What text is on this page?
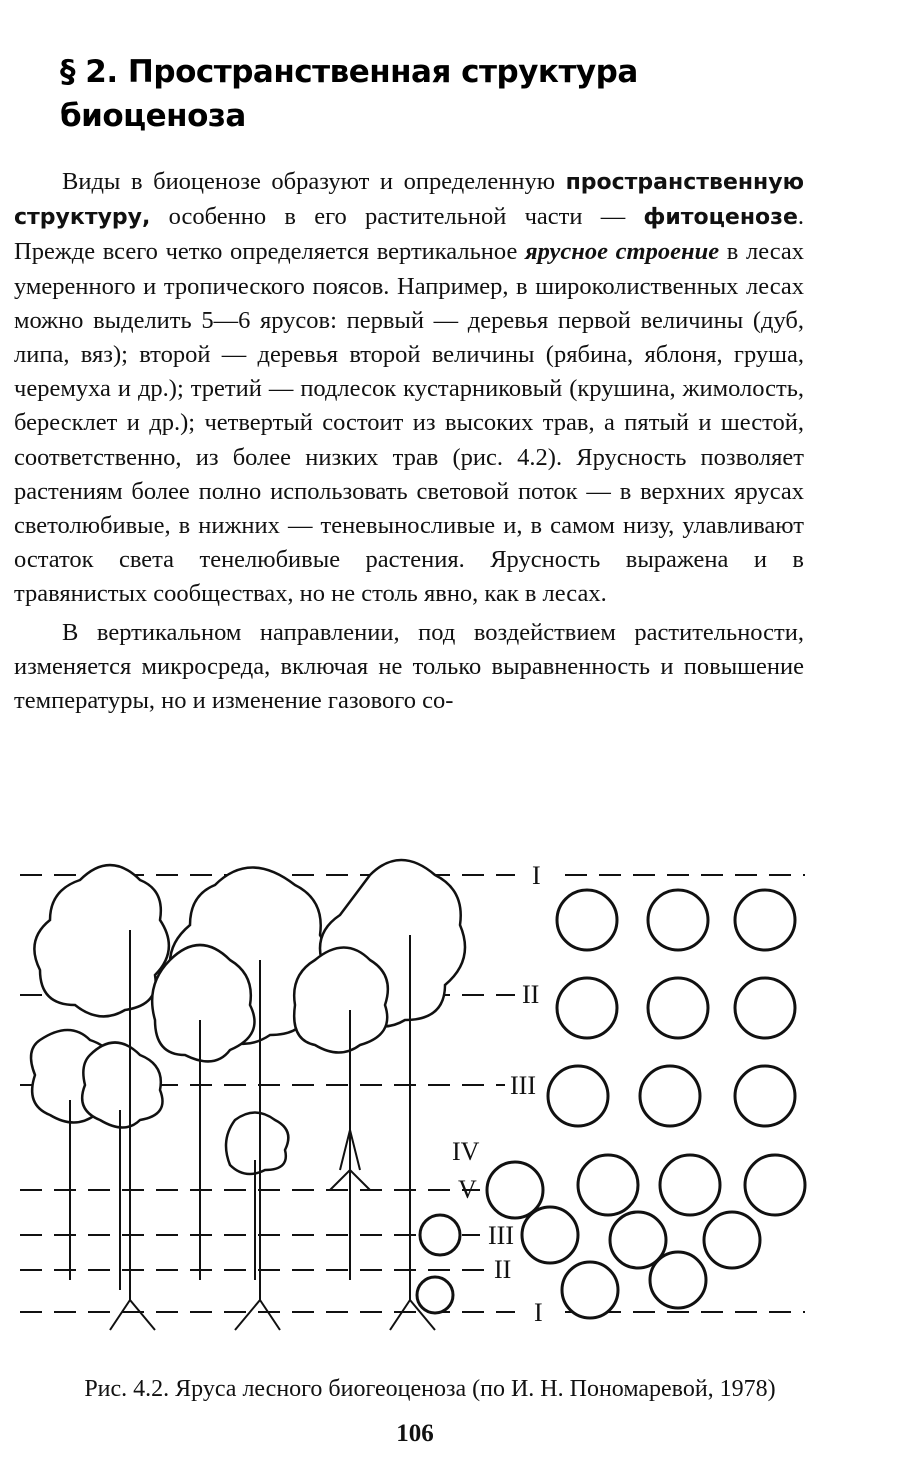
§ 2. Пространственная структура
биоценоза

Виды в биоценозе образуют и определенную пространственную структуру, особенно в его растительной части — фитоценозе. Прежде всего четко определяется вертикальное ярусное строение в лесах умеренного и тропического поясов. Например, в широколиственных лесах можно выделить 5—6 ярусов: первый — деревья первой величины (дуб, липа, вяз); второй — деревья второй величины (рябина, яблоня, груша, черемуха и др.); третий — подлесок кустарниковый (крушина, жимолость, бересклет и др.); четвертый состоит из высоких трав, а пятый и шестой, соответственно, из более низких трав (рис. 4.2). Ярусность позволяет растениям более полно использовать световой поток — в верхних ярусах светолюбивые, в нижних — теневыносливые и, в самом низу, улавливают остаток света тенелюбивые растения. Ярусность выражена и в травянистых сообществах, но не столь явно, как в лесах.

В вертикальном направлении, под воздействием растительности, изменяется микросреда, включая не только выравненность и повышение температуры, но и изменение газового со-

I
II
III
IV
V
III
II
I
Рис. 4.2. Яруса лесного биогеоценоза (по И. Н. Пономаревой, 1978)
106
